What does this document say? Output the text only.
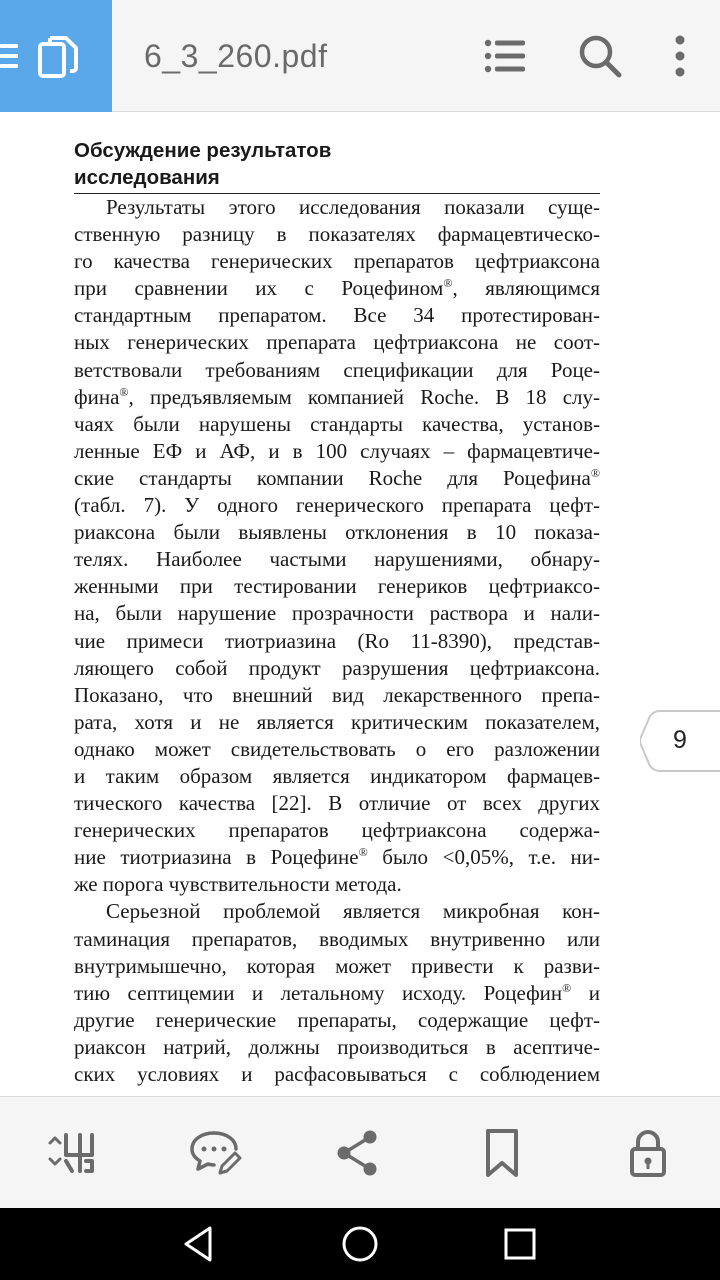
6_3_260.pdf
Обсуждение результатов
исследования
Результаты этого исследования показали суще-
ственную разницу в показателях фармацевтическо-
го качества генерических препаратов цефтриаксона
при сравнении их с Роцефином®, являющимся
стандартным препаратом. Все 34 протестирован-
ных генерических препарата цефтриаксона не соот-
ветствовали требованиям спецификации для Роце-
фина®, предъявляемым компанией Roche. В 18 слу-
чаях были нарушены стандарты качества, установ-
ленные ЕФ и АФ, и в 100 случаях – фармацевтиче-
ские стандарты компании Roche для Роцефина®
(табл. 7). У одного генерического препарата цефт-
риаксона были выявлены отклонения в 10 показа-
телях. Наиболее частыми нарушениями, обнару-
женными при тестировании генериков цефтриаксо-
на, были нарушение прозрачности раствора и нали-
чие примеси тиотриазина (Ro 11-8390), представ-
ляющего собой продукт разрушения цефтриаксона.
Показано, что внешний вид лекарственного препа-
рата, хотя и не является критическим показателем,
однако может свидетельствовать о его разложении
и таким образом является индикатором фармацев-
тического качества [22]. В отличие от всех других
генерических препаратов цефтриаксона содержа-
ние тиотриазина в Роцефине® было <0,05%, т.е. ни-
же порога чувствительности метода.
Серьезной проблемой является микробная кон-
таминация препаратов, вводимых внутривенно или
внутримышечно, которая может привести к разви-
тию септицемии и летальному исходу. Роцефин® и
другие генерические препараты, содержащие цефт-
риаксон натрий, должны производиться в асептиче-
ских условиях и расфасовываться с соблюдением
9
